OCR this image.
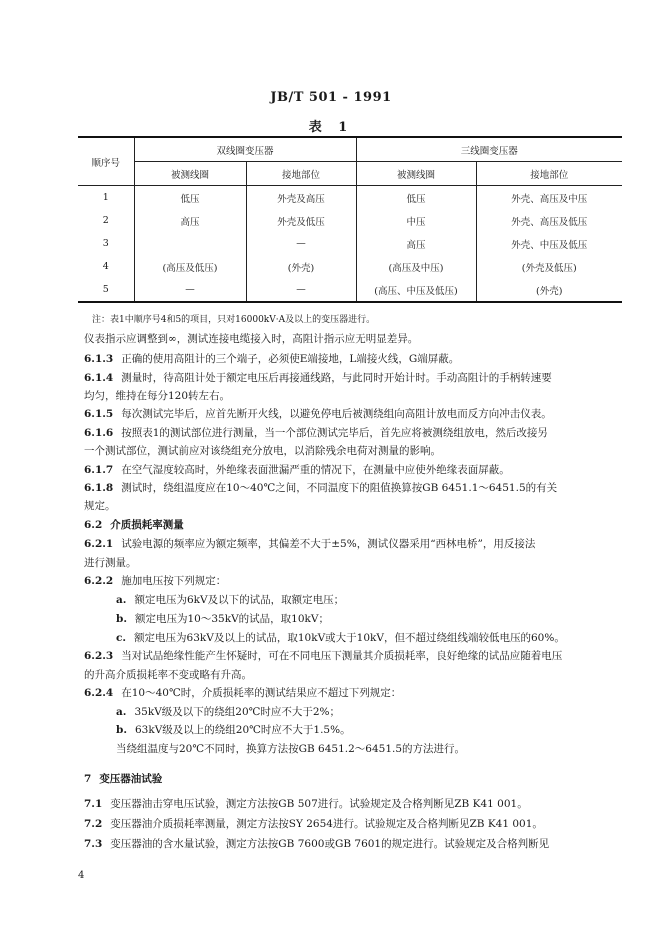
JB/T 501 - 1991
表 1
顺序号	双线圈变压器		三线圈变压器	
	被测线圈	接地部位	被测线圈	接地部位
1	低压	外壳及高压	低压	外壳、高压及中压
2	高压	外壳及低压	中压	外壳、高压及低压
3		—	高压	外壳、中压及低压
4	(高压及低压)	(外壳)	(高压及中压)	(外壳及低压)
5	—	—	(高压、中压及低压)	(外壳)
注：表1中顺序号4和5的项目，只对16000kV·A及以上的变压器进行。
仪表指示应调整到∞，测试连接电缆接入时，高阻计指示应无明显差异。
6.1.3 正确的使用高阻计的三个端子，必须使E端接地，L端接火线，G端屏蔽。
6.1.4 测量时，待高阻计处于额定电压后再接通线路，与此同时开始计时。手动高阻计的手柄转速要
均匀，维持在每分120转左右。
6.1.5 每次测试完毕后，应首先断开火线，以避免停电后被测绕组向高阻计放电而反方向冲击仪表。
6.1.6 按照表1的测试部位进行测量，当一个部位测试完毕后，首先应将被测绕组放电，然后改接另
一个测试部位，测试前应对该绕组充分放电，以消除残余电荷对测量的影响。
6.1.7 在空气湿度较高时，外绝缘表面泄漏严重的情况下，在测量中应使外绝缘表面屏蔽。
6.1.8 测试时，绕组温度应在10～40℃之间，不同温度下的阻值换算按GB 6451.1～6451.5的有关
规定。
6.2 介质损耗率测量
6.2.1 试验电源的频率应为额定频率，其偏差不大于±5%，测试仪器采用“西林电桥”，用反接法
进行测量。
6.2.2 施加电压按下列规定：
a. 额定电压为6kV及以下的试品，取额定电压；
b. 额定电压为10～35kV的试品，取10kV；
c. 额定电压为63kV及以上的试品，取10kV或大于10kV，但不超过绕组线端较低电压的60%。
6.2.3 当对试品绝缘性能产生怀疑时，可在不同电压下测量其介质损耗率，良好绝缘的试品应随着电压
的升高介质损耗率不变或略有升高。
6.2.4 在10～40℃时，介质损耗率的测试结果应不超过下列规定：
a. 35kV级及以下的绕组20℃时应不大于2%；
b. 63kV级及以上的绕组20℃时应不大于1.5%。
当绕组温度与20℃不同时，换算方法按GB 6451.2～6451.5的方法进行。
7 变压器油试验
7.1 变压器油击穿电压试验，测定方法按GB 507进行。试验规定及合格判断见ZB K41 001。
7.2 变压器油介质损耗率测量，测定方法按SY 2654进行。试验规定及合格判断见ZB K41 001。
7.3 变压器油的含水量试验，测定方法按GB 7600或GB 7601的规定进行。试验规定及合格判断见
4
